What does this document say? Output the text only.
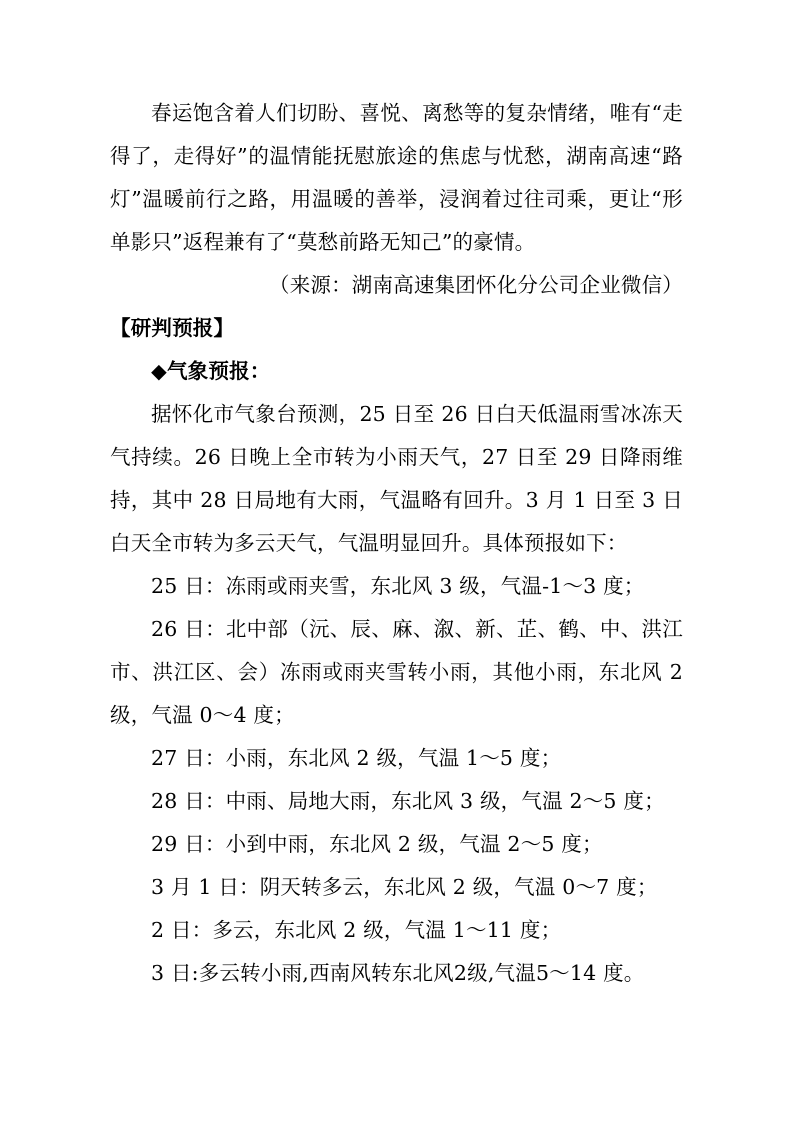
春运饱含着人们切盼、喜悦、离愁等的复杂情绪，唯有“走得了，走得好”的温情能抚慰旅途的焦虑与忧愁，湖南高速“路灯”温暖前行之路，用温暖的善举，浸润着过往司乘，更让“形单影只”返程兼有了“莫愁前路无知己”的豪情。

（来源：湖南高速集团怀化分公司企业微信）

【研判预报】

◆气象预报：

据怀化市气象台预测，25 日至 26 日白天低温雨雪冰冻天气持续。26 日晚上全市转为小雨天气，27 日至 29 日降雨维持，其中 28 日局地有大雨，气温略有回升。3 月 1 日至 3 日白天全市转为多云天气，气温明显回升。具体预报如下：

25 日：冻雨或雨夹雪，东北风 3 级，气温-1～3 度；

26 日：北中部（沅、辰、麻、溆、新、芷、鹤、中、洪江市、洪江区、会）冻雨或雨夹雪转小雨，其他小雨，东北风 2 级，气温 0～4 度；

27 日：小雨，东北风 2 级，气温 1～5 度；

28 日：中雨、局地大雨，东北风 3 级，气温 2～5 度；

29 日：小到中雨，东北风 2 级，气温 2～5 度；

3 月 1 日：阴天转多云，东北风 2 级，气温 0～7 度；

2 日：多云，东北风 2 级，气温 1～11 度；

3 日:多云转小雨,西南风转东北风2级,气温5～14 度。
